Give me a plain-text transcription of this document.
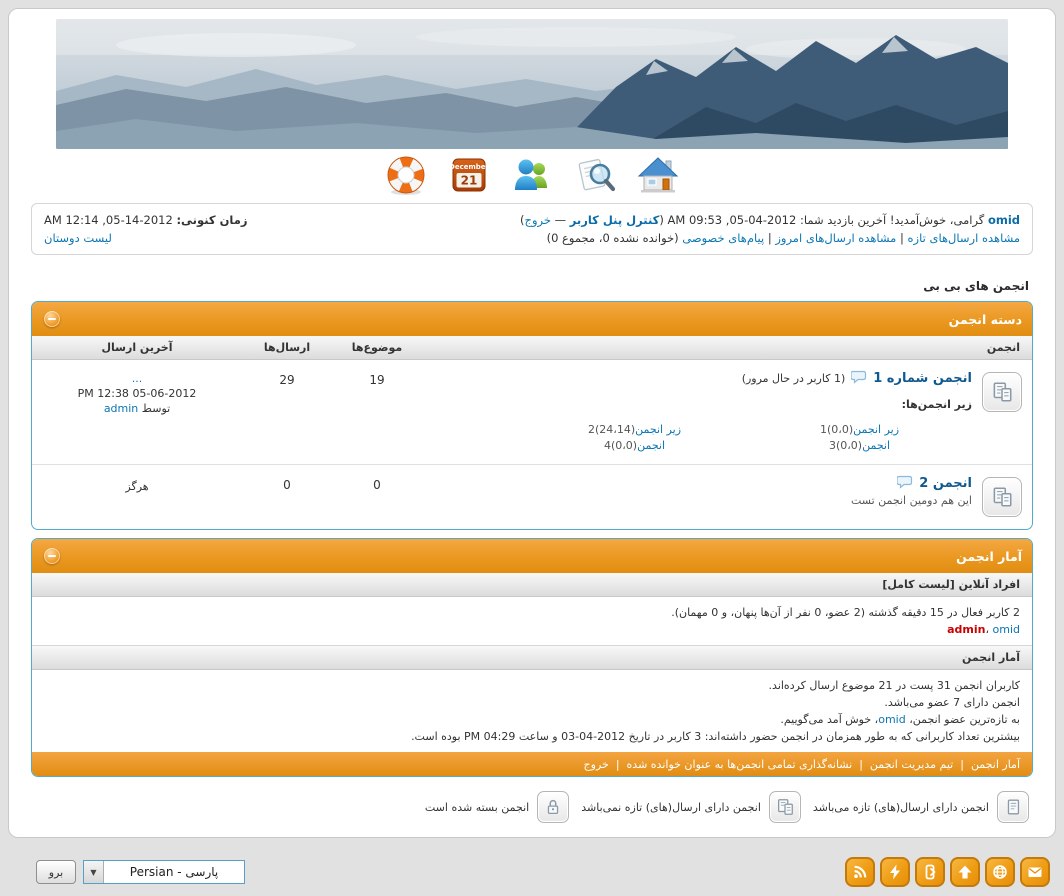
December
21
omid گرامی، خوش‌آمدید! آخرین بازدید شما: 2012-04-05, 09:53 AM (کنترل پنل کاربر — خروج)
مشاهده ارسال‌های تازه | مشاهده ارسال‌های امروز | پیام‌های خصوصی (خوانده نشده 0، مجموع 0)
زمان کنونی: 2012-14-05, 12:14 AM
لیست دوستان
انجمن های بی بی
دسته انجمن
انجمن
موضوع‌ها
ارسال‌ها
آخرین ارسال
انجمن شماره 1(1 کاربر در حال مرور)
زیر انجمن‌ها:
زیر انجمن1(0،0)
زیر انجمن2(24،14)
انجمن3(0،0)
انجمن4(0،0)
19
29
...
05-06-2012 12:38 PM
توسط admin
انجمن 2
این هم دومین انجمن تست
0
0
هرگز
آمار انجمن
افراد آنلاین [لیست کامل]
2 کاربر فعال در 15 دقیقه گذشته (2 عضو، 0 نفر از آن‌ها پنهان، و 0 مهمان).
admin، omid
آمار انجمن
کاربران انجمن 31 پست در 21 موضوع ارسال کرده‌اند.
انجمن دارای 7 عضو می‌باشد.
به تازه‌ترین عضو انجمن، omid، خوش آمد می‌گوییم.
بیشترین تعداد کاربرانی که به طور همزمان در انجمن حضور داشته‌اند: 3 کاربر در تاریخ 2012-04-03 و ساعت 04:29 PM بوده است.
آمار انجمن
|
تیم مدیریت انجمن
|
نشانه‌گذاری تمامی انجمن‌ها به عنوان خوانده شده
|
خروج
انجمن دارای ارسال(های) تازه می‌باشد
انجمن دارای ارسال(های) تازه نمی‌باشد
انجمن بسته شده است
برو	▼	پارسی - Persian
